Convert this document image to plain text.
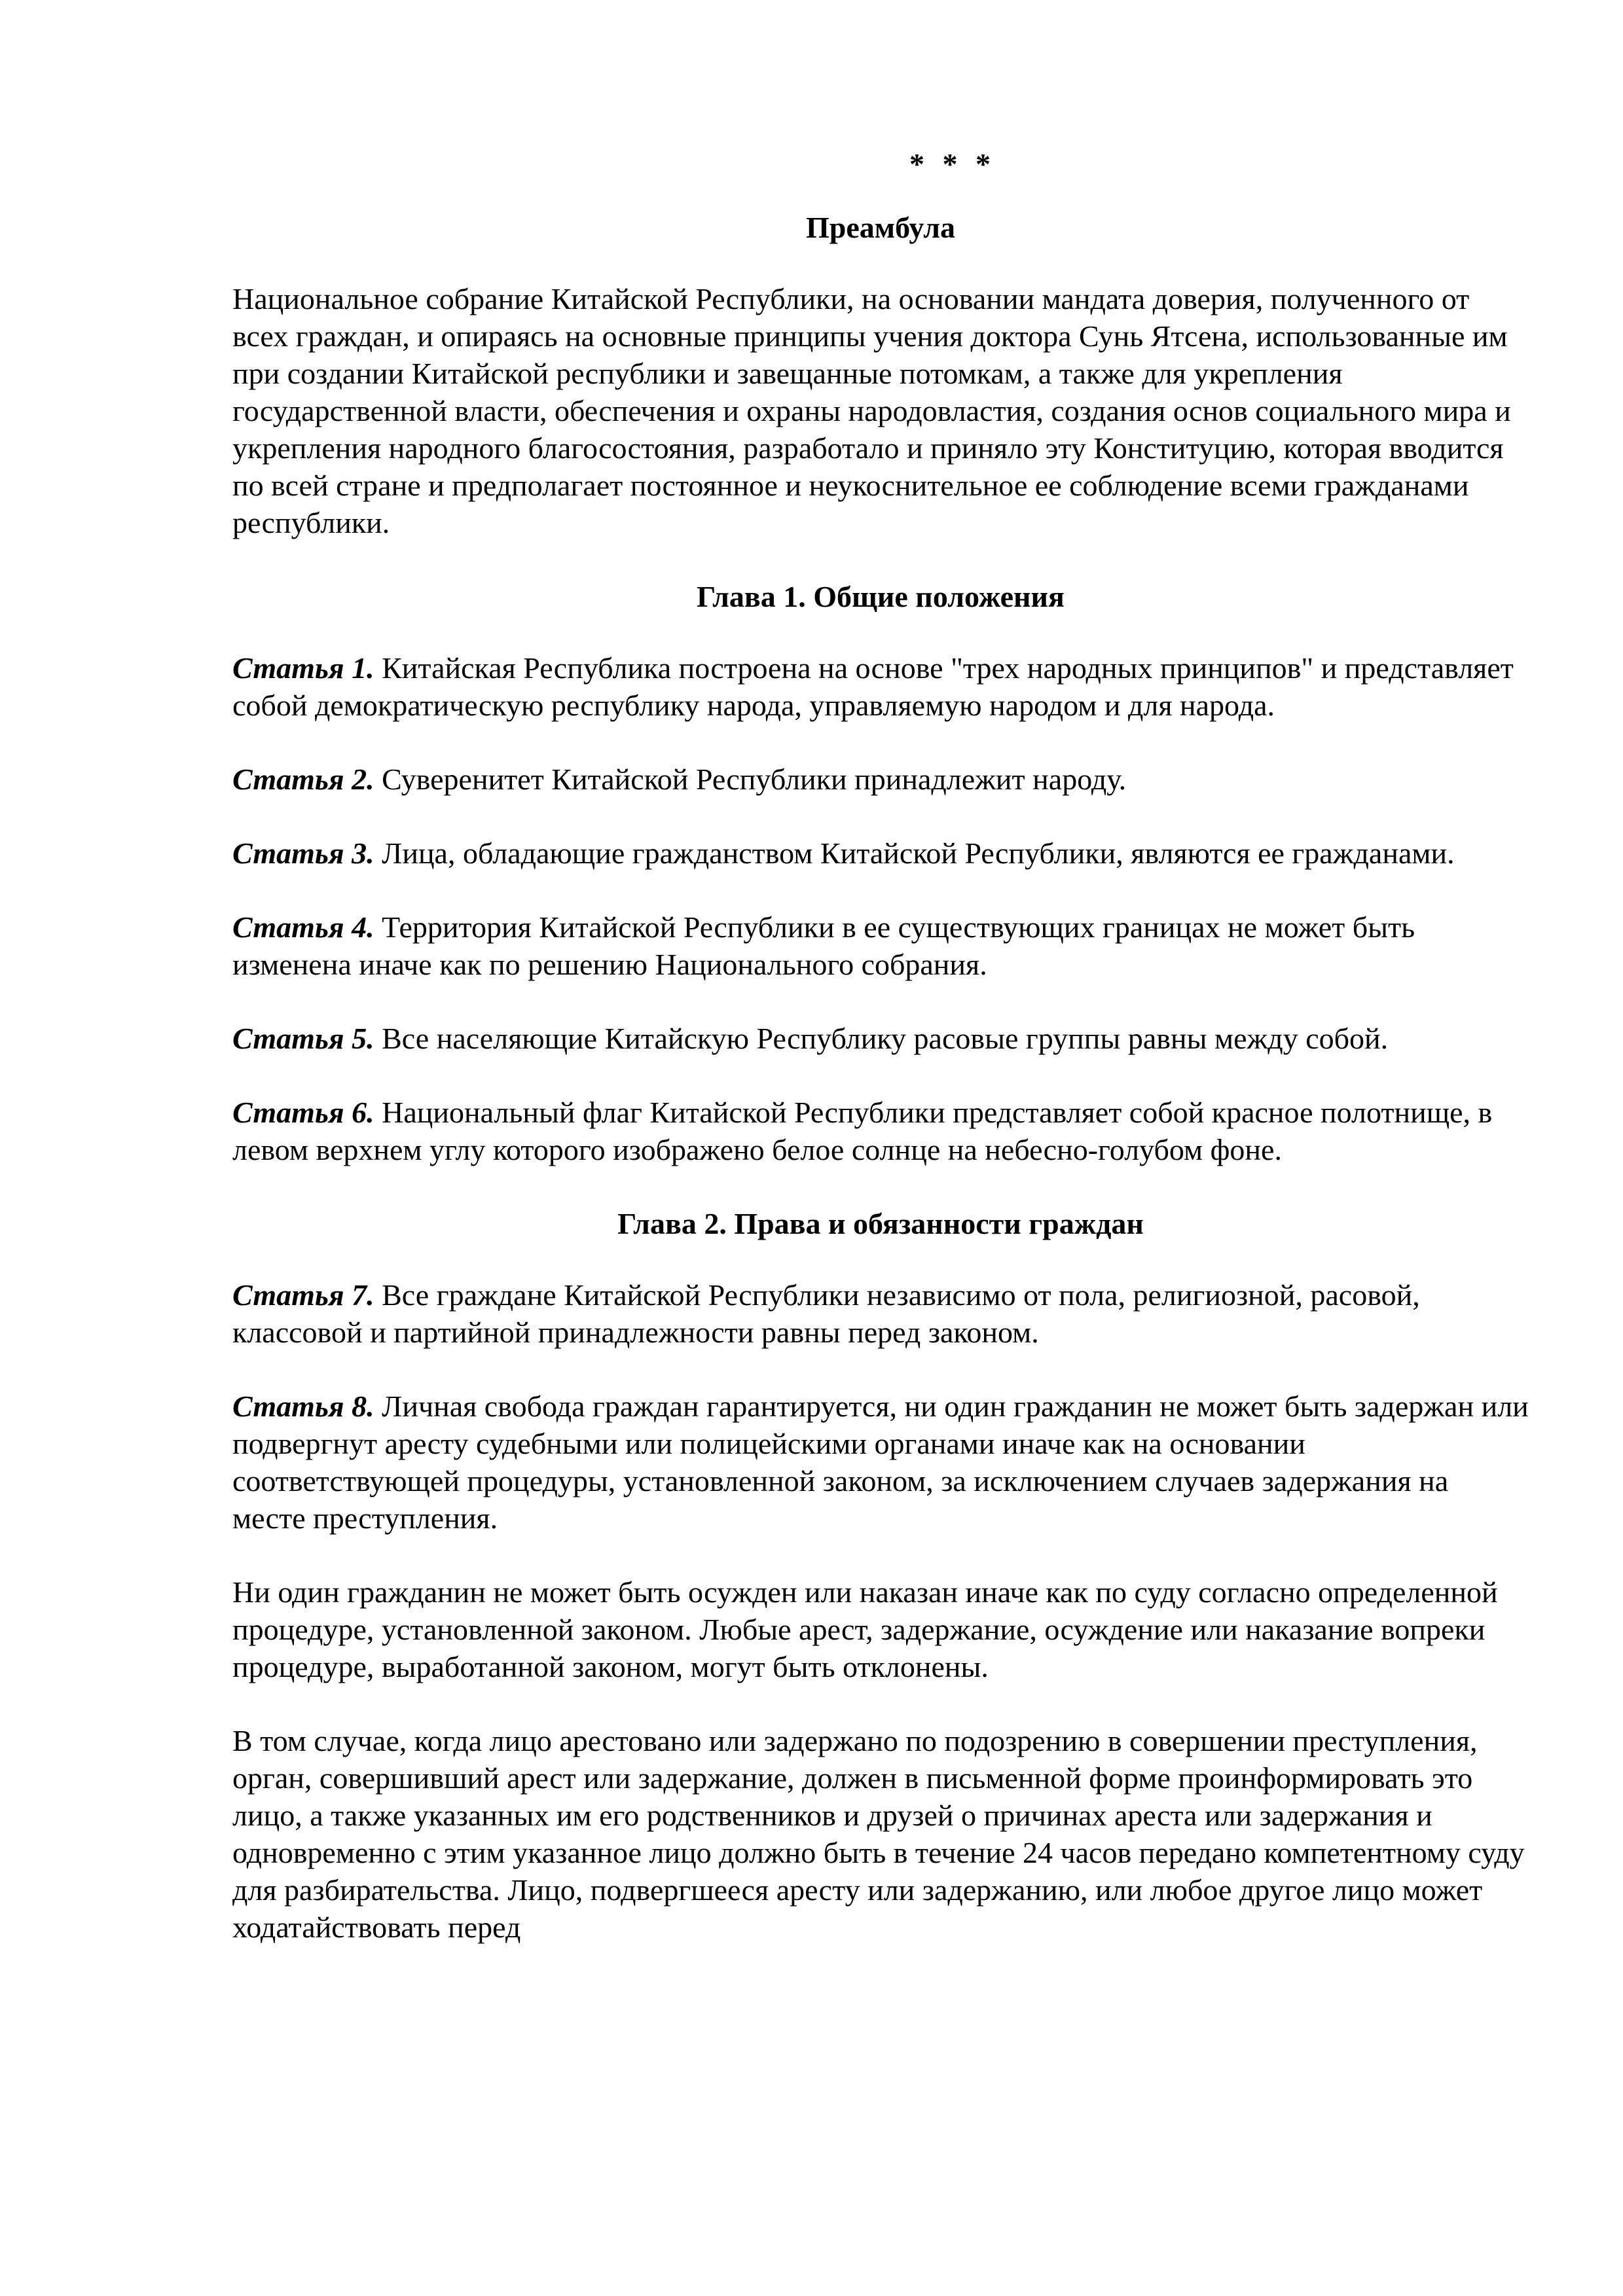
* * *
Преамбула

Национальное собрание Китайской Республики, на основании мандата доверия, полученного от всех граждан, и опираясь на основные принципы учения доктора Сунь Ятсена, использованные им при создании Китайской республики и завещанные потомкам, а также для укрепления государственной власти, обеспечения и охраны народовластия, создания основ социального мира и укрепления народного благосостояния, разработало и приняло эту Конституцию, которая вводится по всей стране и предполагает постоянное и неукоснительное ее соблюдение всеми гражданами республики.

Глава 1. Общие положения

Статья 1. Китайская Республика построена на основе "трех народных принципов" и представляет собой демократическую республику народа, управляемую народом и для народа.

Статья 2. Суверенитет Китайской Республики принадлежит народу.

Статья 3. Лица, обладающие гражданством Китайской Республики, являются ее гражданами.

Статья 4. Территория Китайской Республики в ее существующих границах не может быть изменена иначе как по решению Национального собрания.

Статья 5. Все населяющие Китайскую Республику расовые группы равны между собой.

Статья 6. Национальный флаг Китайской Республики представляет собой красное полотнище, в левом верхнем углу которого изображено белое солнце на небесно-голубом фоне.

Глава 2. Права и обязанности граждан

Статья 7. Все граждане Китайской Республики независимо от пола, религиозной, расовой, классовой и партийной принадлежности равны перед законом.

Статья 8. Личная свобода граждан гарантируется, ни один гражданин не может быть задержан или подвергнут аресту судебными или полицейскими органами иначе как на основании соответствующей процедуры, установленной законом, за исключением случаев задержания на месте преступления.

Ни один гражданин не может быть осужден или наказан иначе как по суду согласно определенной процедуре, установленной законом. Любые арест, задержание, осуждение или наказание вопреки процедуре, выработанной законом, могут быть отклонены.

В том случае, когда лицо арестовано или задержано по подозрению в совершении преступления, орган, совершивший арест или задержание, должен в письменной форме проинформировать это лицо, а также указанных им его родственников и друзей о причинах ареста или задержания и одновременно с этим указанное лицо должно быть в течение 24 часов передано компетентному суду для разбирательства. Лицо, подвергшееся аресту или задержанию, или любое другое лицо может ходатайствовать перед
